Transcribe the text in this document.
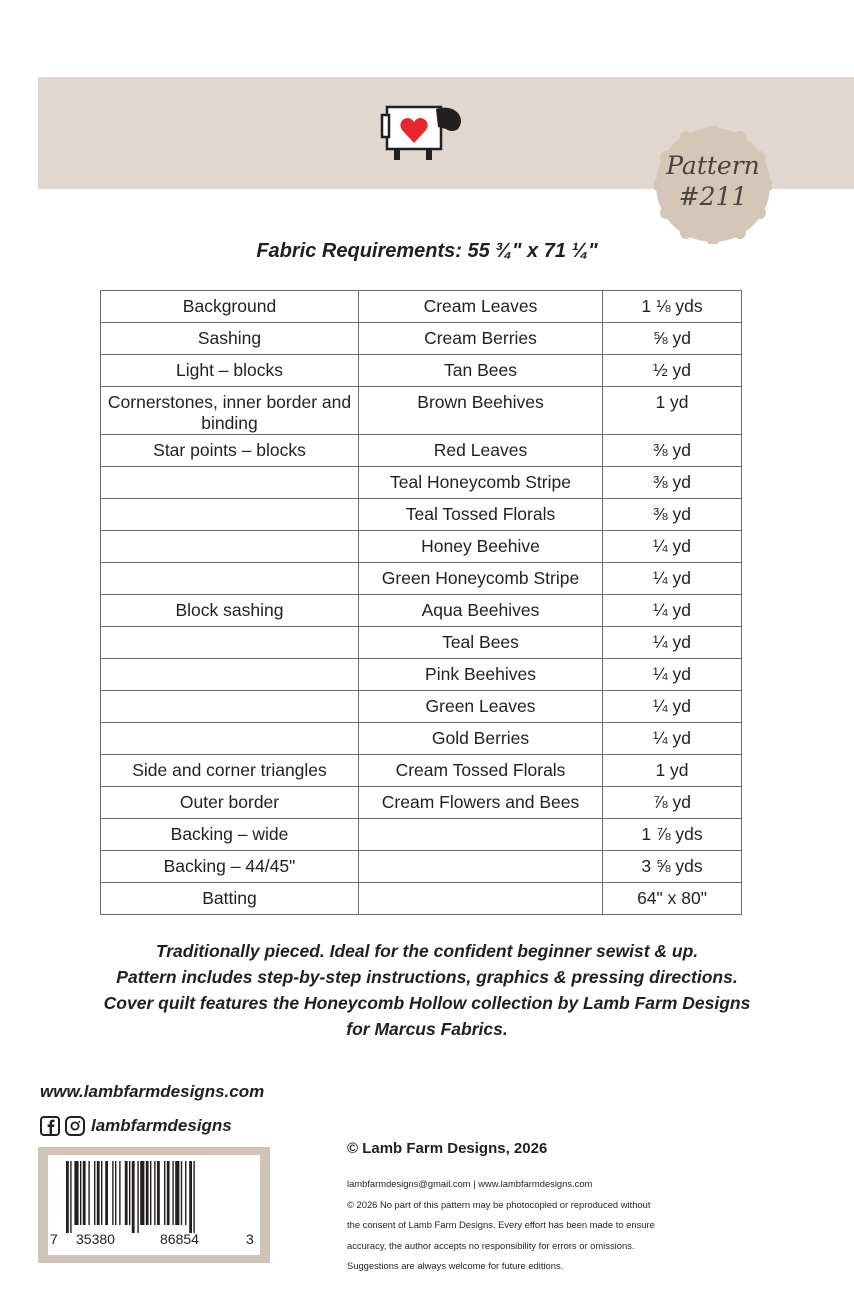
Pattern
#211
Fabric Requirements: 55 ¾" x 71 ¼"
Background	Cream Leaves	1 ⅛ yds
Sashing	Cream Berries	⅝ yd
Light – blocks	Tan Bees	½ yd
Cornerstones, inner border and binding	Brown Beehives	1 yd
Star points – blocks	Red Leaves	⅜ yd
	Teal Honeycomb Stripe	⅜ yd
	Teal Tossed Florals	⅜ yd
	Honey Beehive	¼ yd
	Green Honeycomb Stripe	¼ yd
Block sashing	Aqua Beehives	¼ yd
	Teal Bees	¼ yd
	Pink Beehives	¼ yd
	Green Leaves	¼ yd
	Gold Berries	¼ yd
Side and corner triangles	Cream Tossed Florals	1 yd
Outer border	Cream Flowers and Bees	⅞ yd
Backing – wide		1 ⅞ yds
Backing – 44/45"		3 ⅝ yds
Batting		64" x 80"
Traditionally pieced. Ideal for the confident beginner sewist & up.
Pattern includes step-by-step instructions, graphics & pressing directions.
Cover quilt features the Honeycomb Hollow collection by Lamb Farm Designs
for Marcus Fabrics.
www.lambfarmdesigns.com
lambfarmdesigns
7 35380	86854	3
© Lamb Farm Designs, 2026
lambfarmdesigns@gmail.com | www.lambfarmdesigns.com
© 2026 No part of this pattern may be photocopied or reproduced without
the consent of Lamb Farm Designs. Every effort has been made to ensure
accuracy, the author accepts no responsibility for errors or omissions.
Suggestions are always welcome for future editions.
